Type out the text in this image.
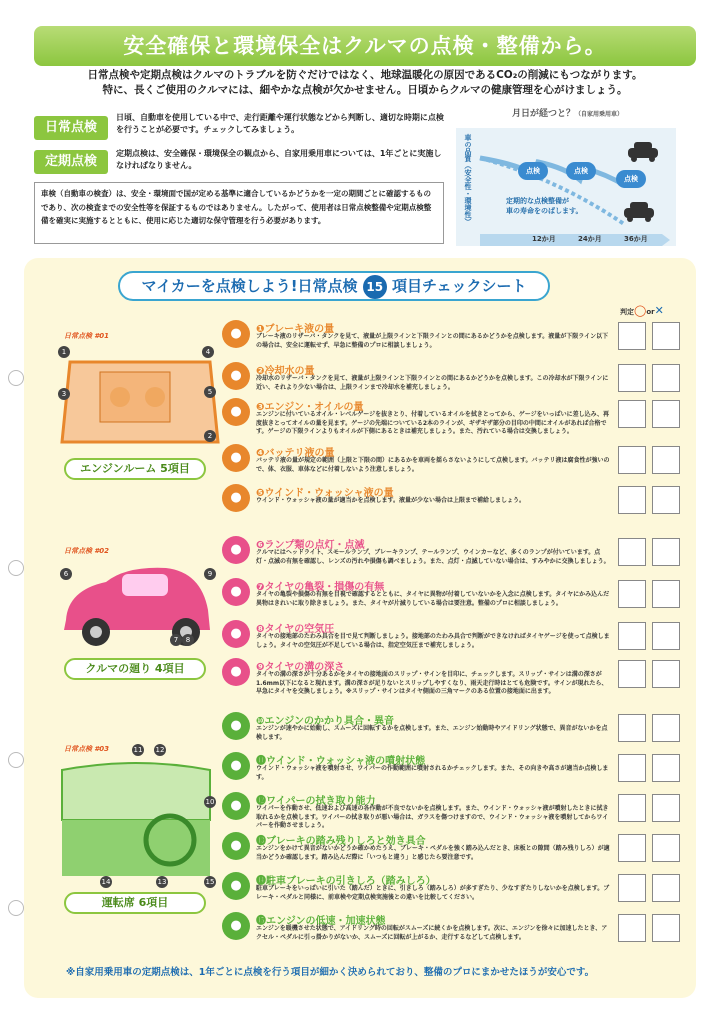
安全確保と環境保全はクルマの点検・整備から。
日常点検や定期点検はクルマのトラブルを防ぐだけではなく、地球温暖化の原因であるCO₂の削減にもつながります。
特に、長くご使用のクルマには、細やかな点検が欠かせません。日頃からクルマの健康管理を心がけましょう。
日常点検
日頃、自動車を使用している中で、走行距離や運行状態などから判断し、適切な時期に点検を行うことが必要です。チェックしてみましょう。
定期点検
定期点検は、安全確保・環境保全の観点から、自家用乗用車については、1年ごとに実施しなければなりません。
車検（自動車の検査）は、安全・環境面で国が定める基準に適合しているかどうかを一定の期間ごとに確認するものであり、次の検査までの安全性等を保証するものではありません。したがって、使用者は日常点検整備や定期点検整備を確実に実施するとともに、使用に応じた適切な保守管理を行う必要があります。
月日が経つと？（自家用乗用車）
車の品質（安全性・環境性）	点検	点検
点検
定期的な点検整備が
車の寿命をのばします。
12か月	24か月	36か月
マイカーを点検しよう!日常点検 15 項目チェックシート
判定◯or✕
日常点検 #01
1	4
3	5
2
エンジンルーム 5項目
日常点検 #02
6	9
7	8
クルマの廻り 4項目
日常点検 #03	11 12
10
14	13	15
運転席 6項目
●	❶ブレーキ液の量
ブレーキ液のリザーバ・タンクを見て、液量が上限ラインと下限ラインとの間にあるかどうかを点検します。液量が下限ライン以下の場合は、安全に運転せず、早急に整備のプロに相談しましょう。
●	❷冷却水の量
冷却水のリザーバ・タンクを見て、液量が上限ラインと下限ラインとの間にあるかどうかを点検します。この冷却水が下限ラインに近い、それより少ない場合は、上限ラインまで冷却水を補充しましょう。
●	❸エンジン・オイルの量
エンジンに付いているオイル・レベルゲージを抜きとり、付着しているオイルを拭きとってから、ゲージをいっぱいに差し込み、再度抜きとってオイルの量を見ます。ゲージの先端についている2本のラインが、ギザギザ部分の目印の中間にオイルがあれば合格です。ゲージの下限ラインよりもオイルが下側にあるときは補充しましょう。また、汚れている場合は交換しましょう。
●	❹バッテリ液の量
バッテリ液の量が規定の範囲（上限と下限の間）にあるかを車両を揺らさないようにして点検します。バッテリ液は腐食性が強いので、体、衣服、車体などに付着しないよう注意しましょう。
●	❺ウインド・ウォッシャ液の量
ウインド・ウォッシャ液の量が適当かを点検します。液量が少ない場合は上限まで補給しましょう。
●	❻ランプ類の点灯・点滅
クルマにはヘッドライト、スモールランプ、ブレーキランプ、テールランプ、ウインカーなど、多くのランプが付いています。点灯・点滅の有無を確認し、レンズの汚れや損傷も調べましょう。また、点灯・点滅していない場合は、すみやかに交換しましょう。
●	❼タイヤの亀裂・損傷の有無
タイヤの亀裂や損傷の有無を目視で確認するとともに、タイヤに異物が付着していないかを入念に点検します。タイヤにかみ込んだ異物はきれいに取り除きましょう。また、タイヤが片減りしている場合は要注意。整備のプロに相談しましょう。
●	❽タイヤの空気圧
タイヤの接地部のたわみ具合を目で見て判断しましょう。接地部のたわみ具合で判断ができなければタイヤゲージを使って点検しましょう。タイヤの空気圧が不足している場合は、指定空気圧まで補充しましょう。
●	❾タイヤの溝の深さ
タイヤの溝の深さが十分あるかをタイヤの接地面のスリップ・サインを目印に、チェックします。スリップ・サインは溝の深さが1.6mm以下になると現れます。溝の深さが足りないとスリップしやすくなり、雨天走行時はとても危険です。サインが現れたら、早急にタイヤを交換しましょう。※スリップ・サインはタイヤ側面の三角マークのある位置の接地面に出ます。
●	❿エンジンのかかり具合・異音
エンジンが速やかに始動し、スムーズに回転するかを点検します。また、エンジン始動時やアイドリング状態で、異音がないかを点検します。
●	⓫ウインド・ウォッシャ液の噴射状態
ウインド・ウォッシャ液を噴射させ、ワイパーの作動範囲に噴射されるかチェックします。また、その向きや高さが適当か点検します。
●	⓬ワイパーの拭き取り能力
ワイパーを作動させ、低速および高速の各作動が不良でないかを点検します。また、ウインド・ウォッシャ液が噴射したときに拭き取れるかを点検します。ワイパーの拭き取りが悪い場合は、ガラスを傷つけますので、ウインド・ウォッシャ液を噴射してからワイパーを作動させましょう。
●	⓭ブレーキの踏み残りしろと効き具合
エンジンをかけて異音がないかどうか確かめたうえ、ブレーキ・ペダルを強く踏み込んだとき、床板との隙間（踏み残りしろ）が適当かどうか確認します。踏み込んだ際に「いつもと違う」と感じたら要注意です。
●	⓮駐車ブレーキの引きしろ（踏みしろ）
駐車ブレーキをいっぱいに引いた（踏んだ）ときに、引きしろ（踏みしろ）が多すぎたり、少なすぎたりしないかを点検します。ブレーキ・ペダルと同様に、前車検や定期点検実施後との違いを比較してください。
●	⓯エンジンの低速・加速状態
エンジンを暖機させた状態で、アイドリング時の回転がスムーズに続くかを点検します。次に、エンジンを徐々に加速したとき、アクセル・ペダルに引っ掛かりがないか、スムーズに回転が上がるか、走行するなどして点検します。
※自家用乗用車の定期点検は、1年ごとに点検を行う項目が細かく決められており、整備のプロにまかせたほうが安心です。
